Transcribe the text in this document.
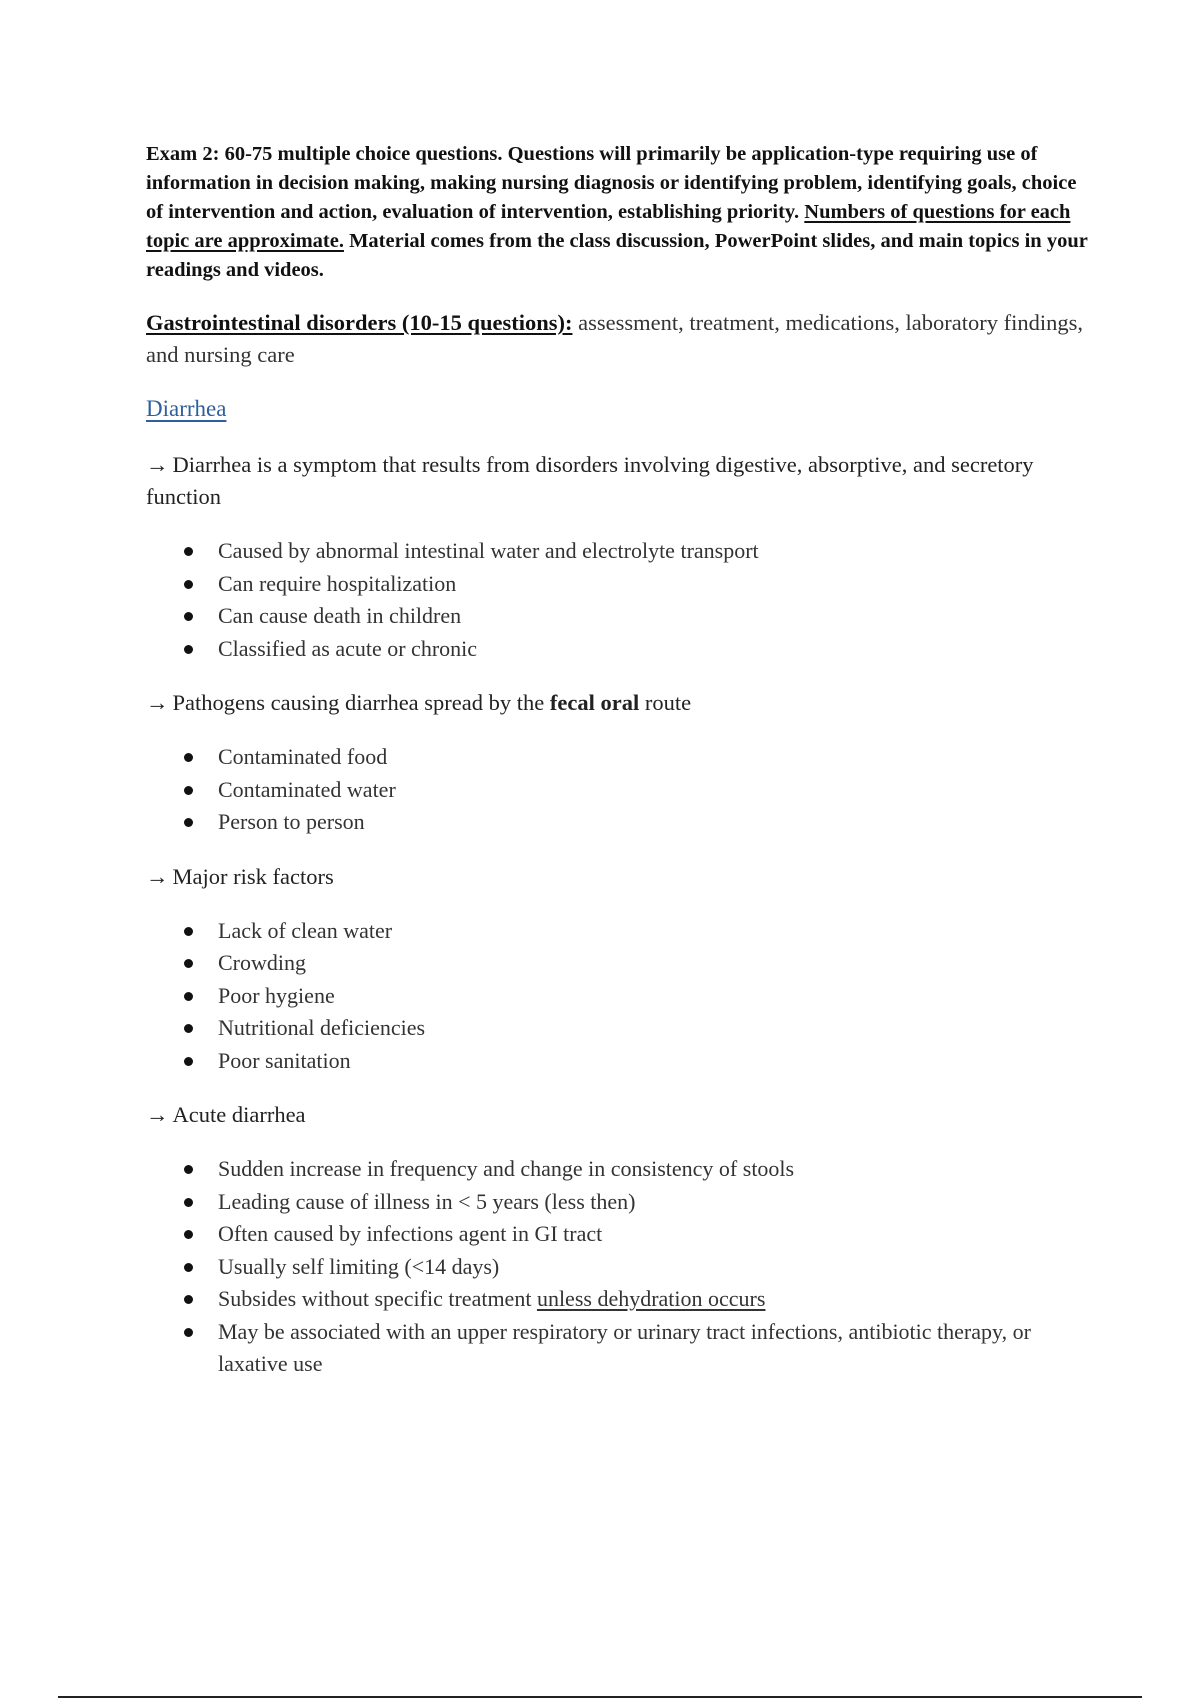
Exam 2: 60-75 multiple choice questions. Questions will primarily be application-type requiring use of information in decision making, making nursing diagnosis or identifying problem, identifying goals, choice of intervention and action, evaluation of intervention, establishing priority. Numbers of questions for each topic are approximate. Material comes from the class discussion, PowerPoint slides, and main topics in your readings and videos.

Gastrointestinal disorders (10-15 questions): assessment, treatment, medications, laboratory findings, and nursing care

Diarrhea

→ Diarrhea is a symptom that results from disorders involving digestive, absorptive, and secretory function

Caused by abnormal intestinal water and electrolyte transport
Can require hospitalization
Can cause death in children
Classified as acute or chronic

→ Pathogens causing diarrhea spread by the fecal oral route

Contaminated food
Contaminated water
Person to person

→ Major risk factors

Lack of clean water
Crowding
Poor hygiene
Nutritional deficiencies
Poor sanitation

→ Acute diarrhea

Sudden increase in frequency and change in consistency of stools
Leading cause of illness in < 5 years (less then)
Often caused by infections agent in GI tract
Usually self limiting (<14 days)
Subsides without specific treatment unless dehydration occurs
May be associated with an upper respiratory or urinary tract infections, antibiotic therapy, or laxative use
